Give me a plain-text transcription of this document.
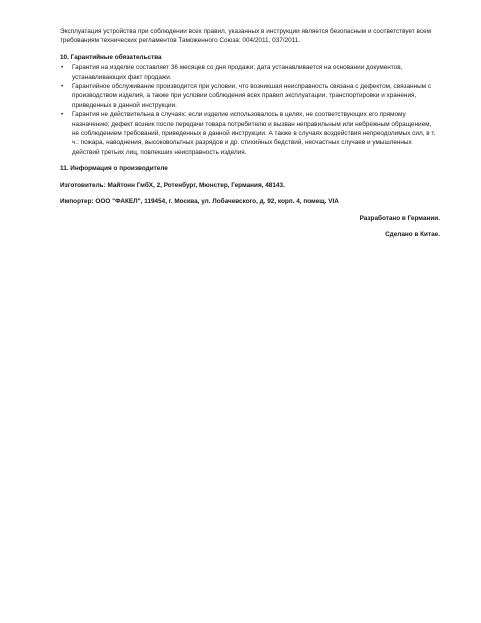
Эксплуатация устройства при соблюдении всех правил, указанных в инструкции является безопасным и соответствует всем требованиям технических регламентов Таможенного Союза: 004/2011, 037/2011.

10. Гарантийные обязательства
• Гарантия на изделие составляет 36 месяцев со дня продажи; дата устанавливается на основании документов, устанавливающих факт продажи.
• Гарантийное обслуживание производится при условии, что возникшая неисправность связана с дефектом, связанным с производством изделия, а также при условии соблюдения всех правил эксплуатации, транспортировки и хранения, приведенных в данной инструкции.
• Гарантия не действительна в случаях: если изделие использовалось в целях, не соответствующих его прямому назначению; дефект возник после передачи товара потребителю и вызван неправильным или небрежным обращением, не соблюдением требований, приведенных в данной инструкции. А также в случаях воздействия непреодолимых сил, в т. ч.: пожара, наводнения, высоковольтных разрядов и др. стихийных бедствий, несчастных случаев и умышленных действий третьих лиц, повлекших неисправность изделия.
11. Информация о производителе

Изготовитель: Майтонн ГмбХ, 2, Ротенбург, Мюнстер, Германия, 48143.

Импортер: ООО "ФАКЕЛ", 119454, г. Москва, ул. Лобачевского, д. 92, корп. 4, помещ. VIA

Разработано в Германии.

Сделано в Китае.
